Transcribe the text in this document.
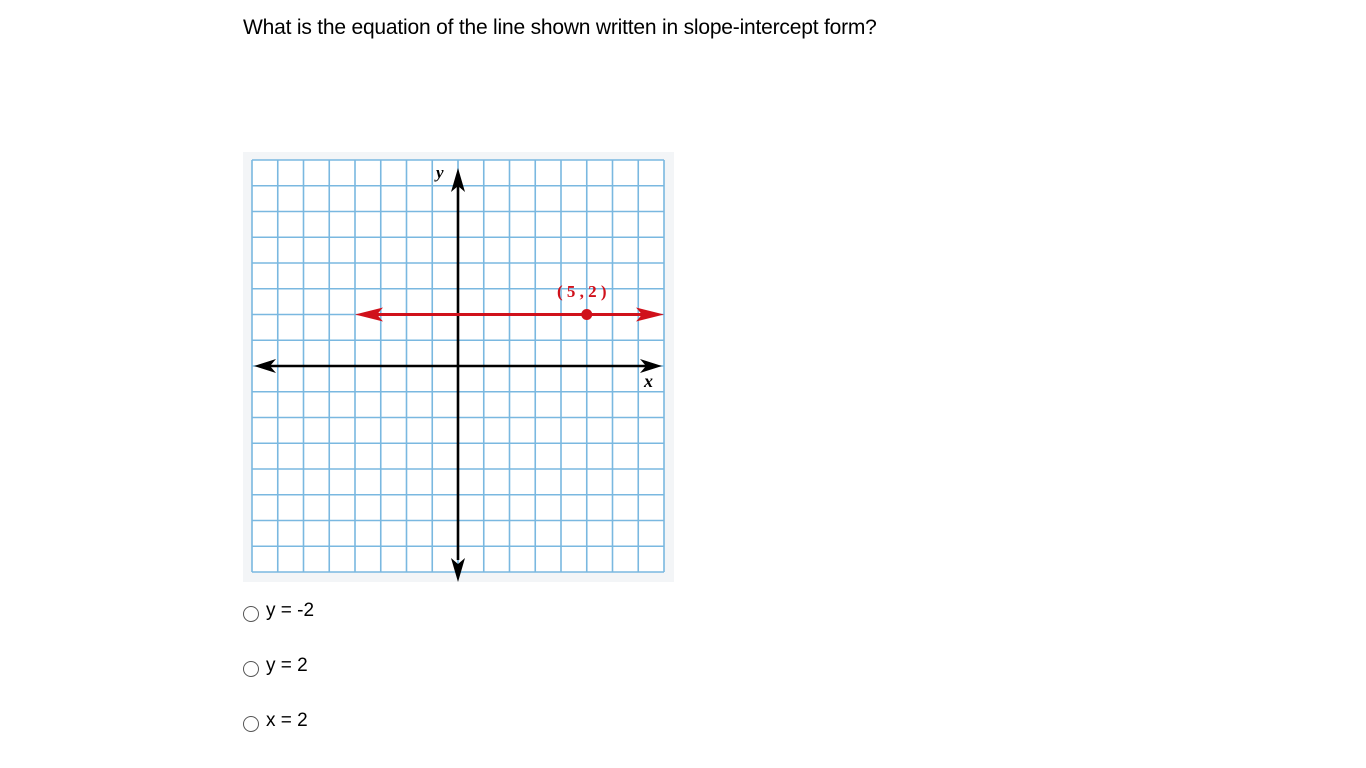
What is the equation of the line shown written in slope-intercept form?
y
x
( 5 , 2 )
y = -2
y = 2
x = 2
